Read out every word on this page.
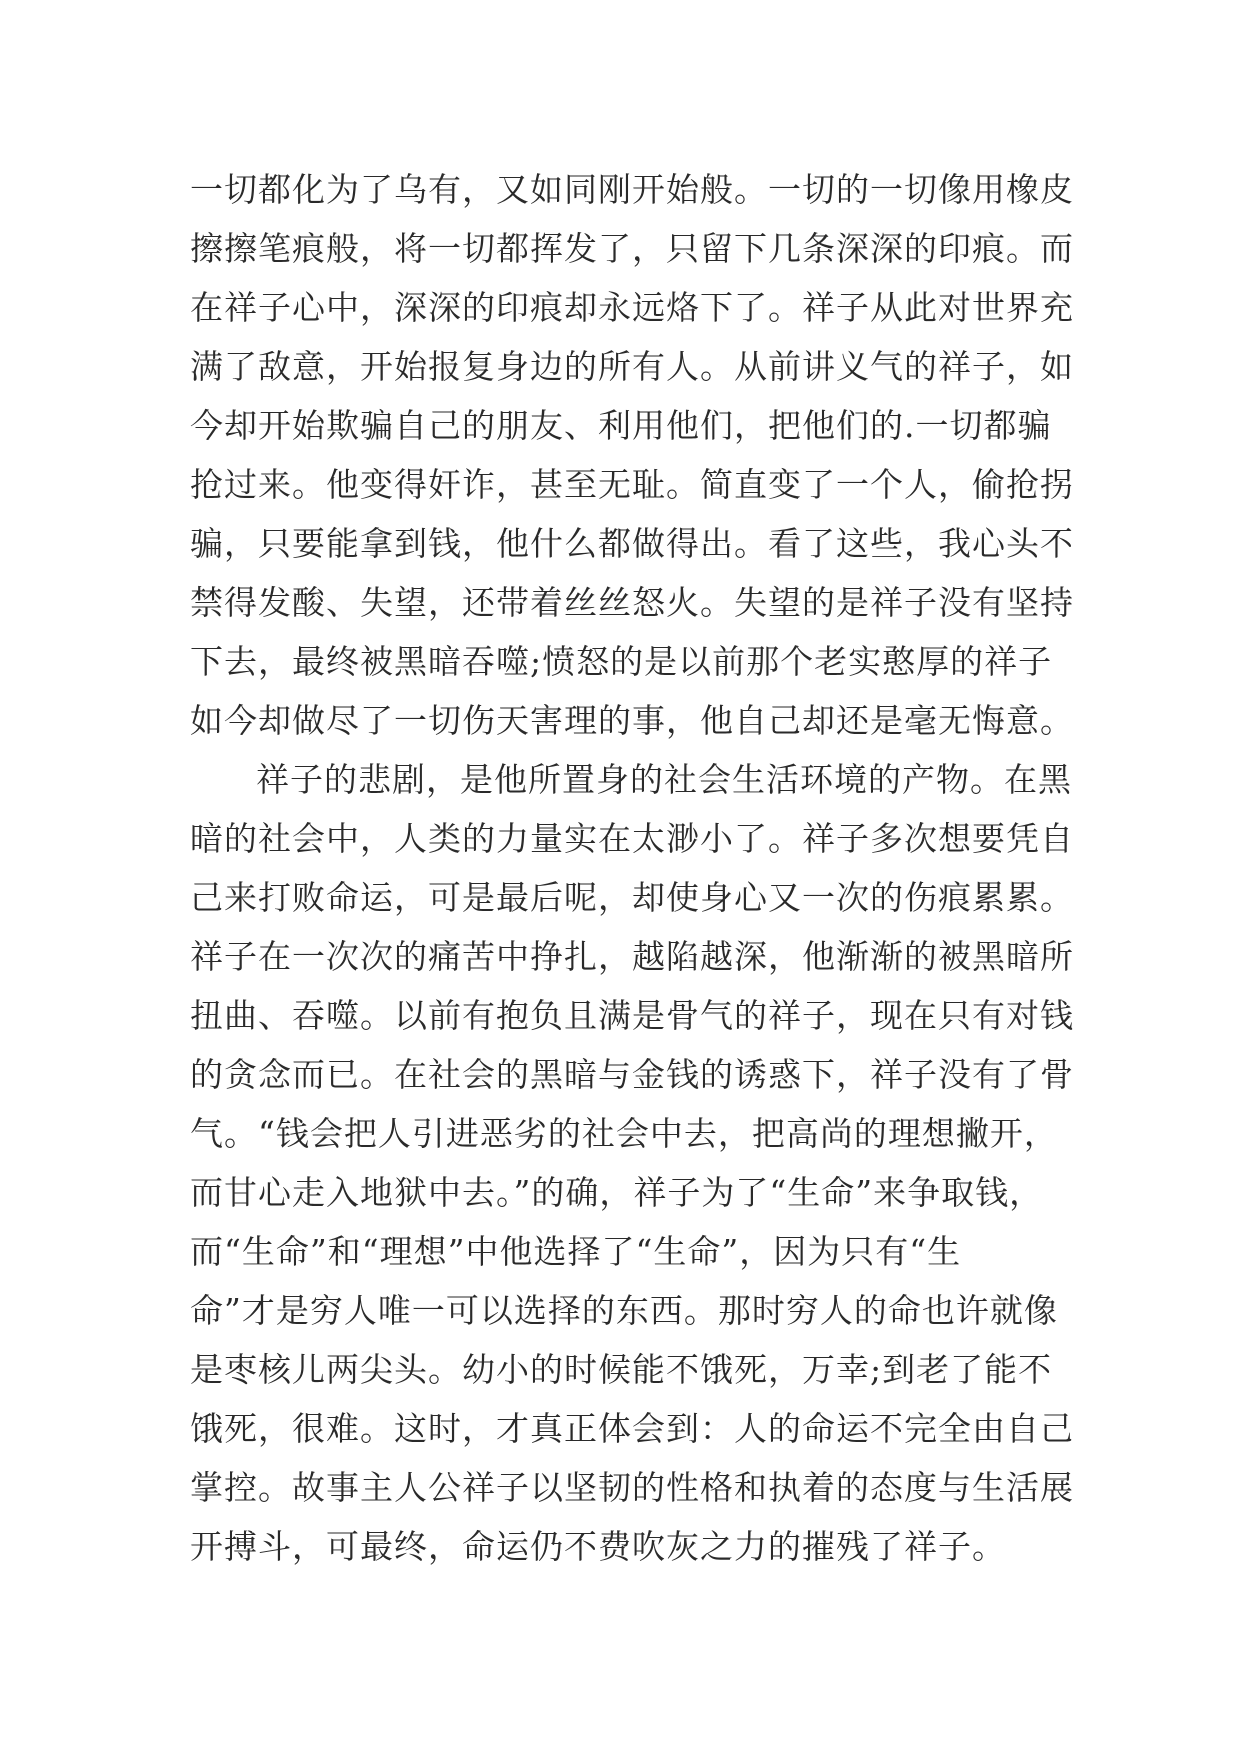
一切都化为了乌有，又如同刚开始般。一切的一切像用橡皮
擦擦笔痕般，将一切都挥发了，只留下几条深深的印痕。而
在祥子心中，深深的印痕却永远烙下了。祥子从此对世界充
满了敌意，开始报复身边的所有人。从前讲义气的祥子，如
今却开始欺骗自己的朋友、利用他们，把他们的.一切都骗
抢过来。他变得奸诈，甚至无耻。简直变了一个人，偷抢拐
骗，只要能拿到钱，他什么都做得出。看了这些，我心头不
禁得发酸、失望，还带着丝丝怒火。失望的是祥子没有坚持
下去，最终被黑暗吞噬;愤怒的是以前那个老实憨厚的祥子
如今却做尽了一切伤天害理的事，他自己却还是毫无悔意。
祥子的悲剧，是他所置身的社会生活环境的产物。在黑
暗的社会中，人类的力量实在太渺小了。祥子多次想要凭自
己来打败命运，可是最后呢，却使身心又一次的伤痕累累。
祥子在一次次的痛苦中挣扎，越陷越深，他渐渐的被黑暗所
扭曲、吞噬。以前有抱负且满是骨气的祥子，现在只有对钱
的贪念而已。在社会的黑暗与金钱的诱惑下，祥子没有了骨
气。“钱会把人引进恶劣的社会中去，把高尚的理想撇开，
而甘心走入地狱中去。”的确，祥子为了“生命”来争取钱，
而“生命”和“理想”中他选择了“生命”，因为只有“生
命”才是穷人唯一可以选择的东西。那时穷人的命也许就像
是枣核儿两尖头。幼小的时候能不饿死，万幸;到老了能不
饿死，很难。这时，才真正体会到：人的命运不完全由自己
掌控。故事主人公祥子以坚韧的性格和执着的态度与生活展
开搏斗，可最终，命运仍不费吹灰之力的摧残了祥子。
